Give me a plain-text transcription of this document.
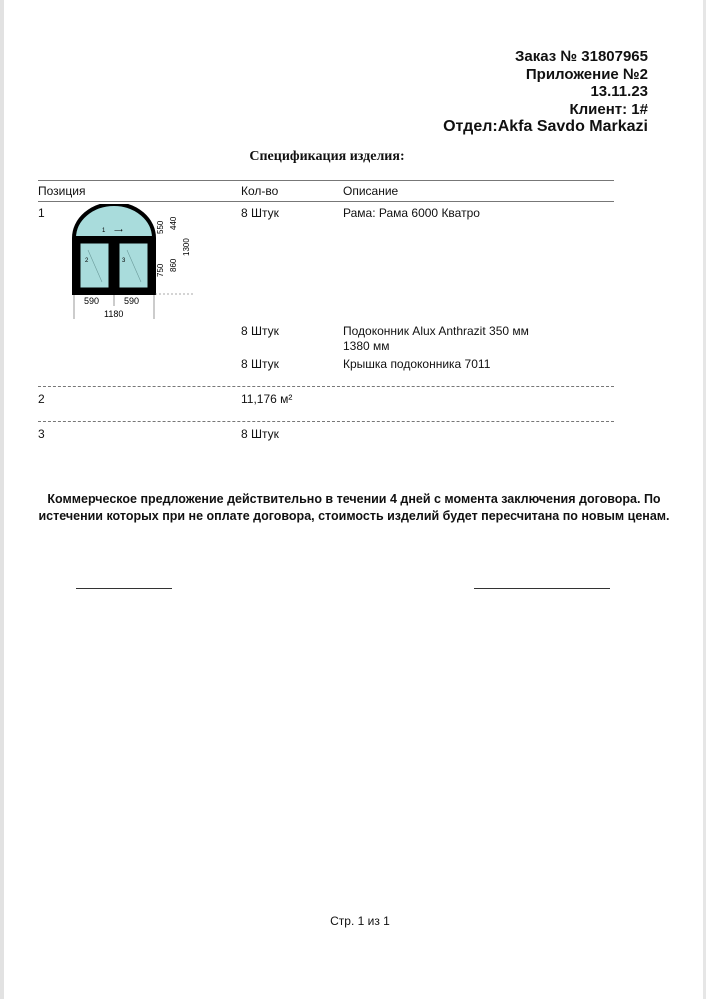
Заказ № 31807965
Приложение №2
13.11.23
Клиент: 1#
Отдел:Akfa Savdo Markazi
Спецификация изделия:
Позиция	Кол-во	Описание
1	8 Штук	Рама: Рама 6000 Кватро
1 ⟶
2	3
550 440
750 860
1300
590	590
1180
8 Штук	Подоконник Alux Anthrazit 350 мм
1380 мм
8 Штук	Крышка подоконника 7011
2	11,176 м²
3	8 Штук
Коммерческое предложение действительно в течении 4 дней с момента заключения договора. По
истечении которых при не оплате договора, стоимость изделий будет пересчитана по новым ценам.
Стр. 1 из 1
